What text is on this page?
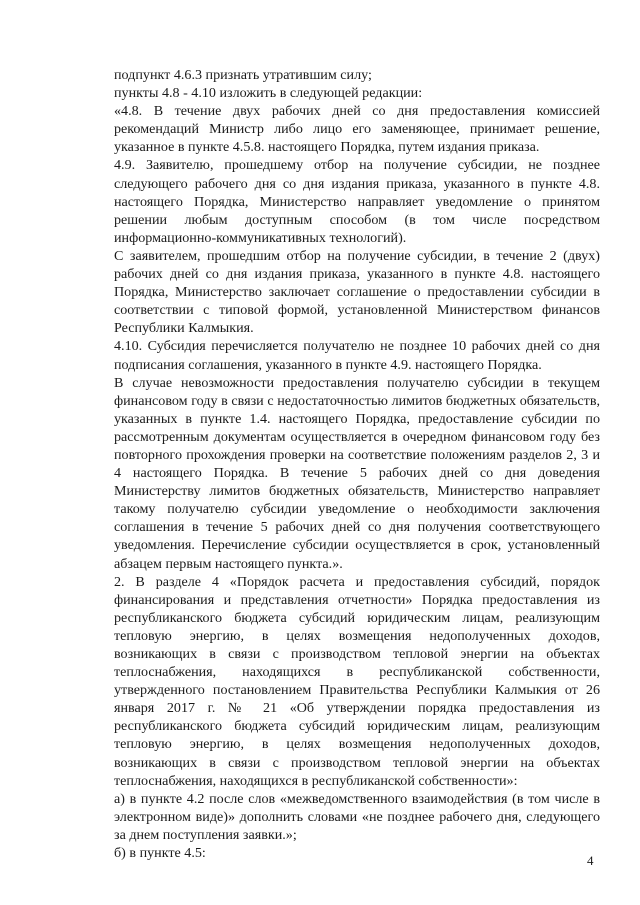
подпункт 4.6.3 признать утратившим силу;

пункты 4.8 - 4.10 изложить в следующей редакции:

«4.8. В течение двух рабочих дней со дня предоставления комиссией рекомендаций Министр либо лицо его заменяющее, принимает решение, указанное в пункте 4.5.8. настоящего Порядка, путем издания приказа.

4.9. Заявителю, прошедшему отбор на получение субсидии, не позднее следующего рабочего дня со дня издания приказа, указанного в пункте 4.8. настоящего Порядка, Министерство направляет уведомление о принятом решении любым доступным способом (в том числе посредством информационно-коммуникативных технологий).

С заявителем, прошедшим отбор на получение субсидии, в течение 2 (двух) рабочих дней со дня издания приказа, указанного в пункте 4.8. настоящего Порядка, Министерство заключает соглашение о предоставлении субсидии в соответствии с типовой формой, установленной Министерством финансов Республики Калмыкия.

4.10. Субсидия перечисляется получателю не позднее 10 рабочих дней со дня подписания соглашения, указанного в пункте 4.9. настоящего Порядка.

В случае невозможности предоставления получателю субсидии в текущем финансовом году в связи с недостаточностью лимитов бюджетных обязательств, указанных в пункте 1.4. настоящего Порядка, предоставление субсидии по рассмотренным документам осуществляется в очередном финансовом году без повторного прохождения проверки на соответствие положениям разделов 2, 3 и 4 настоящего Порядка. В течение 5 рабочих дней со дня доведения Министерству лимитов бюджетных обязательств, Министерство направляет такому получателю субсидии уведомление о необходимости заключения соглашения в течение 5 рабочих дней со дня получения соответствующего уведомления. Перечисление субсидии осуществляется в срок, установленный абзацем первым настоящего пункта.».

2. В разделе 4 «Порядок расчета и предоставления субсидий, порядок финансирования и представления отчетности» Порядка предоставления из республиканского бюджета субсидий юридическим лицам, реализующим тепловую энергию, в целях возмещения недополученных доходов, возникающих в связи с производством тепловой энергии на объектах теплоснабжения, находящихся в республиканской собственности, утвержденного постановлением Правительства Республики Калмыкия от 26 января 2017 г. № 21 «Об утверждении порядка предоставления из республиканского бюджета субсидий юридическим лицам, реализующим тепловую энергию, в целях возмещения недополученных доходов, возникающих в связи с производством тепловой энергии на объектах теплоснабжения, находящихся в республиканской собственности»:

а) в пункте 4.2 после слов «межведомственного взаимодействия (в том числе в электронном виде)» дополнить словами «не позднее рабочего дня, следующего за днем поступления заявки.»;

б) в пункте 4.5:	4
